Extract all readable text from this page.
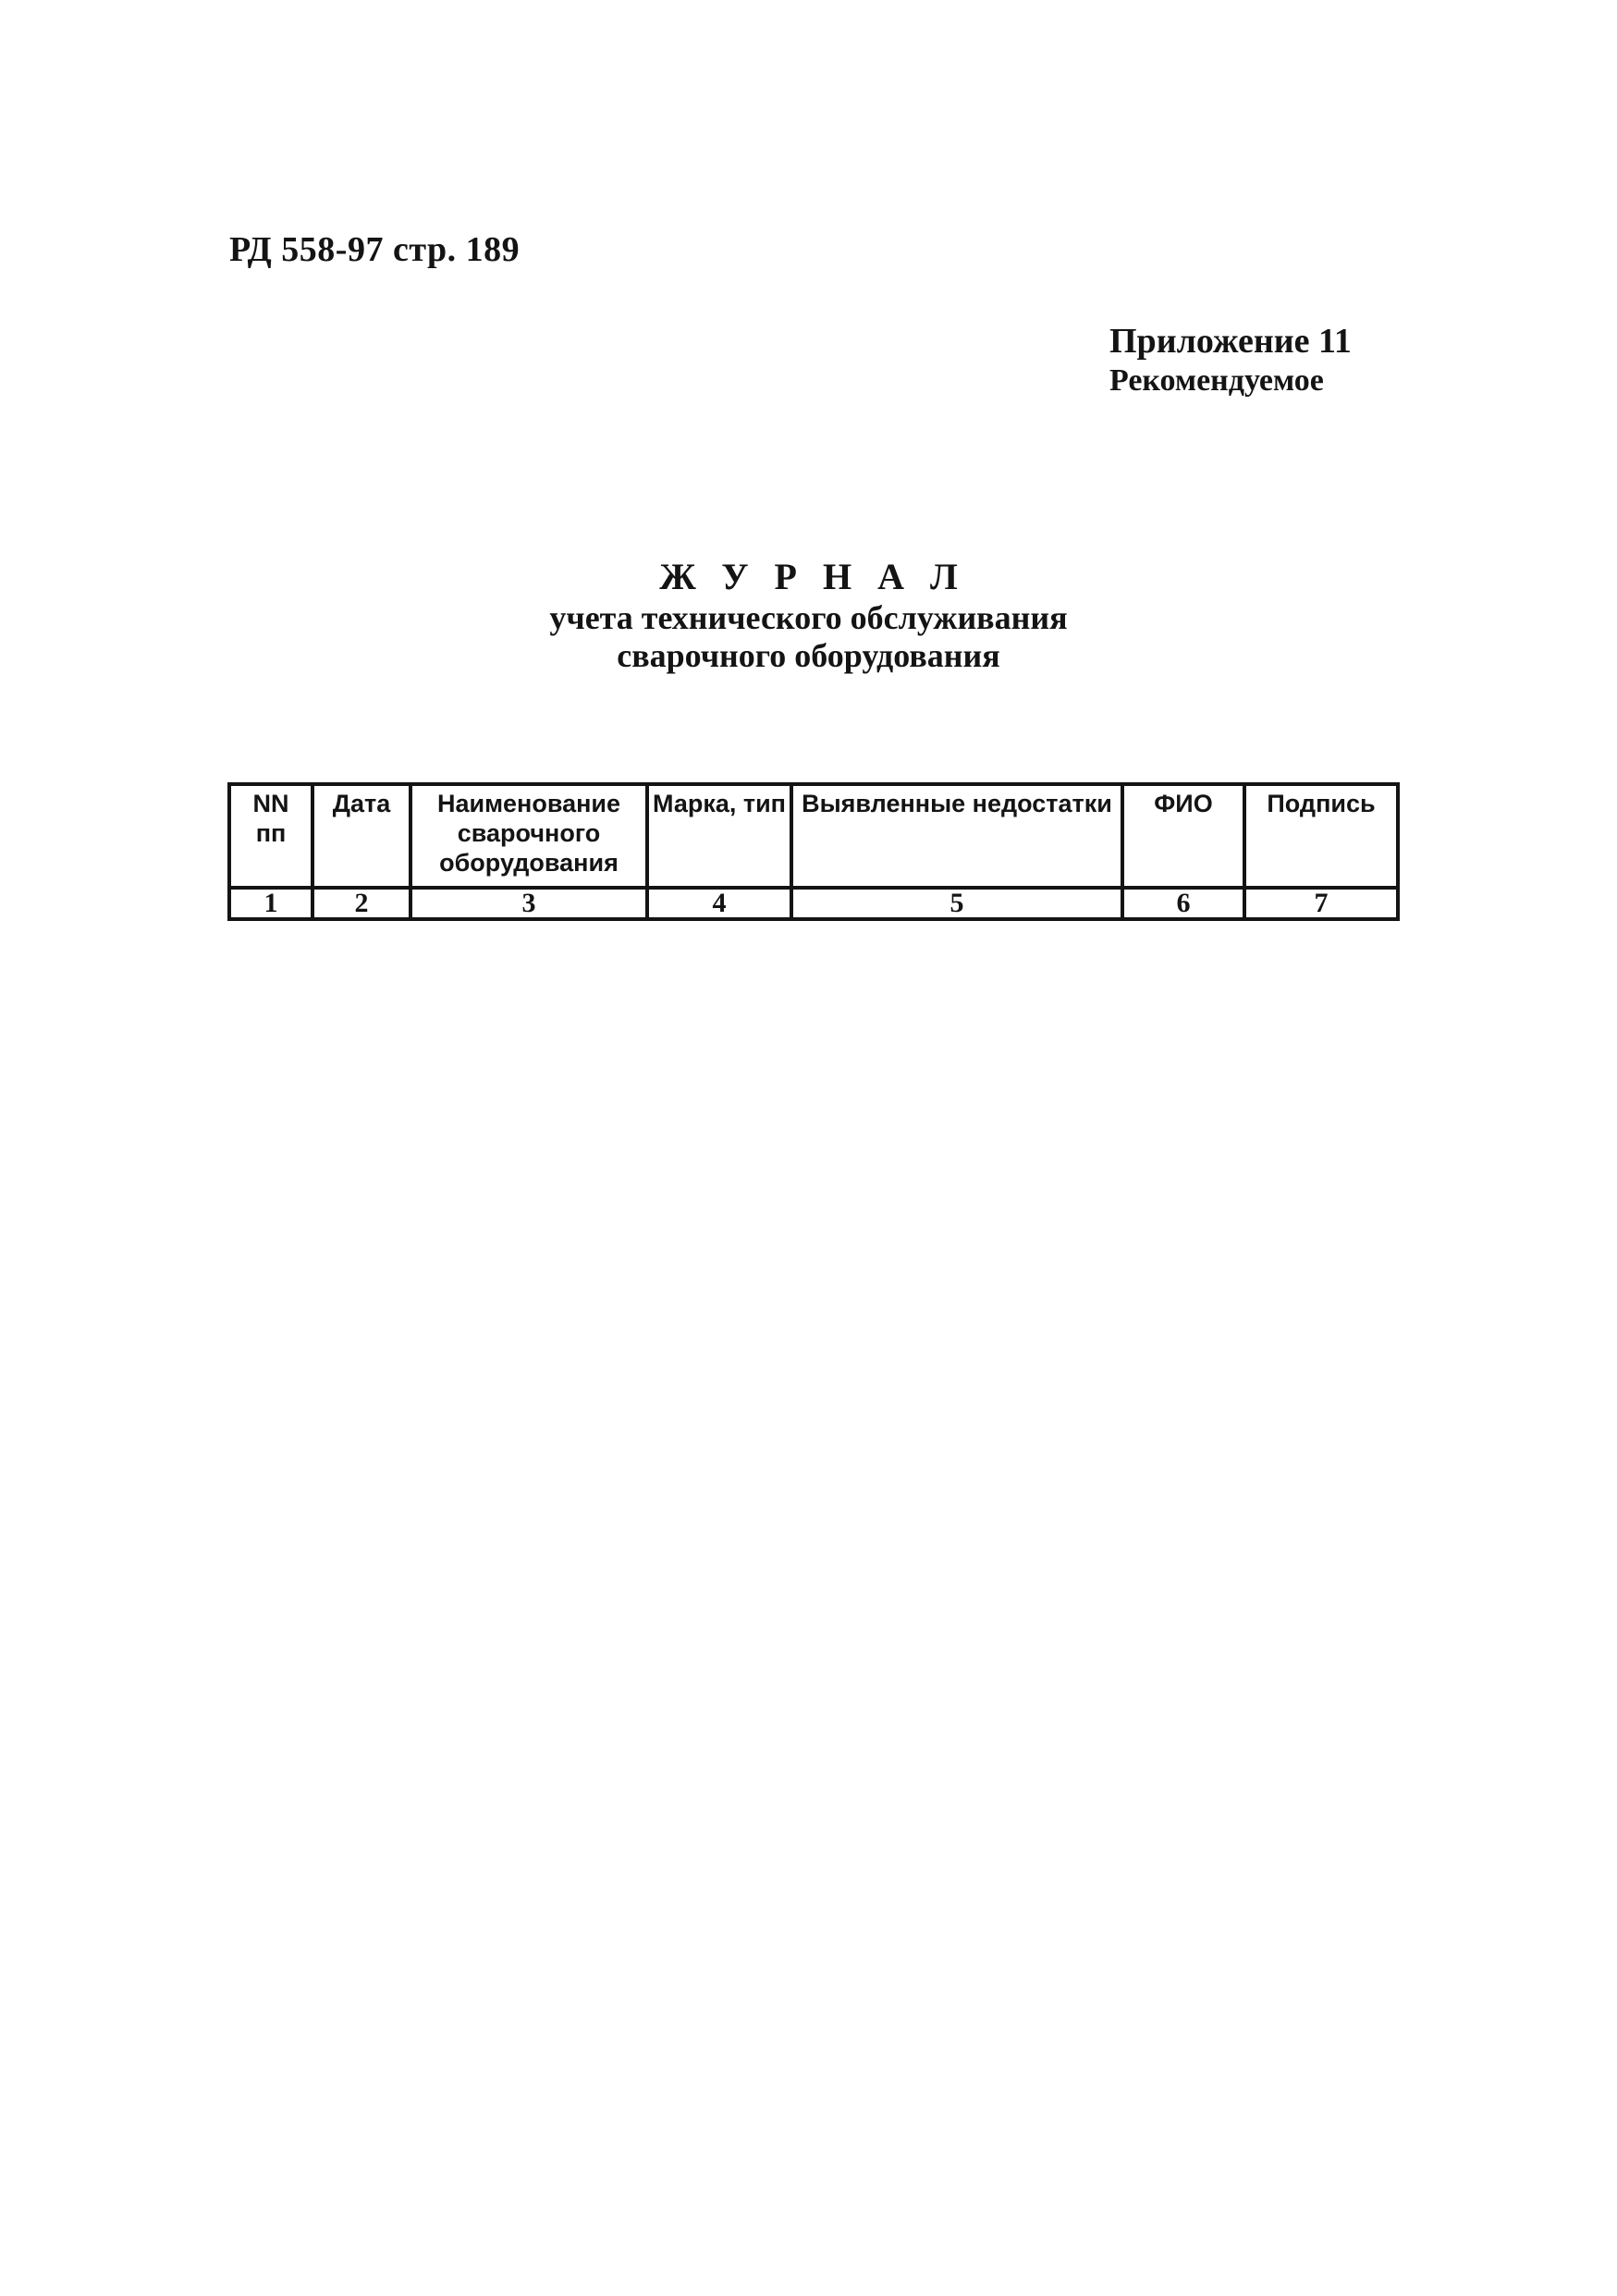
РД 558-97 стр. 189
Приложение 11
Рекомендуемое
ЖУРНАЛ
учета технического обслуживания
сварочного оборудования
NN пп	Дата	Наименование сварочного оборудования	Марка, тип	Выявленные недостатки	ФИО	Подпись
1	2	3	4	5	6	7
